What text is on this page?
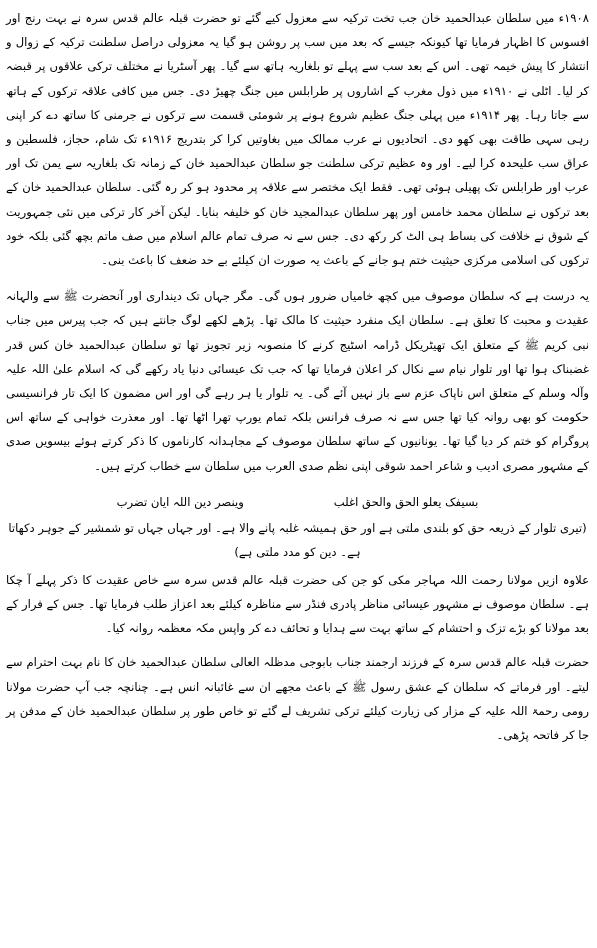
۱۹۰۸ء میں سلطان عبدالحمید خان جب تخت ترکیہ سے معزول کیے گئے تو حضرت قبلہ عالم قدس سرہ نے بہت رنج اور افسوس کا اظہار فرمایا تھا کیونکہ جیسے کہ بعد میں سب پر روشن ہو گیا یہ معزولی دراصل سلطنت ترکیہ کے زوال و انتشار کا پیش خیمہ تھی۔ اس کے بعد سب سے پہلے تو بلغاریہ ہاتھ سے گیا۔ پھر آسٹریا نے مختلف ترکی علاقوں پر قبضہ کر لیا۔ اٹلی نے ۱۹۱۰ء میں ذول مغرب کے اشاروں پر طرابلس میں جنگ چھیڑ دی۔ جس میں کافی علاقہ ترکوں کے ہاتھ سے جاتا رہا۔ پھر ۱۹۱۴ء میں پہلی جنگ عظیم شروع ہونے پر شومئی قسمت سے ترکوں نے جرمنی کا ساتھ دے کر اپنی رہی سہی طاقت بھی کھو دی۔ اتحادیوں نے عرب ممالک میں بغاوتیں کرا کر بتدریج ۱۹۱۶ء تک شام، حجاز، فلسطین و عراق سب علیحدہ کرا لیے۔ اور وہ عظیم ترکی سلطنت جو سلطان عبدالحمید خان کے زمانہ تک بلغاریہ سے یمن تک اور عرب اور طرابلس تک پھیلی ہوئی تھی۔ فقط ایک مختصر سے علاقہ پر محدود ہو کر رہ گئی۔ سلطان عبدالحمید خان کے بعد ترکوں نے سلطان محمد خامس اور پھر سلطان عبدالمجید خان کو خلیفہ بنایا۔ لیکن آخر کار ترکی میں نئی جمہوریت کے شوق نے خلافت کی بساط ہی الٹ کر رکھ دی۔ جس سے نہ صرف تمام عالم اسلام میں صف ماتم بچھ گئی بلکہ خود ترکوں کی اسلامی مرکزی حیثیت ختم ہو جانے کے باعث یہ صورت ان کیلئے بے حد ضعف کا باعث بنی۔

یہ درست ہے کہ سلطان موصوف میں کچھ خامیاں ضرور ہوں گی۔ مگر جہاں تک دینداری اور آنحضرت ﷺ سے والہانہ عقیدت و محبت کا تعلق ہے۔ سلطان ایک منفرد حیثیت کا مالک تھا۔ پڑھے لکھے لوگ جانتے ہیں کہ جب پیرس میں جناب نبی کریم ﷺ کے متعلق ایک تھیٹریکل ڈرامہ اسٹیج کرنے کا منصوبہ زیر تجویز تھا تو سلطان عبدالحمید خان کس قدر غضبناک ہوا تھا اور تلوار نیام سے نکال کر اعلان فرمایا تھا کہ جب تک عیسائی دنیا یاد رکھے گی کہ اسلام علیٰ اللہ علیہ وآلہ وسلم کے متعلق اس ناپاک عزم سے باز نہیں آئے گی۔ یہ تلوار یا ہر رہے گی اور اس مضمون کا ایک تار فرانسیسی حکومت کو بھی روانہ کیا تھا جس سے نہ صرف فرانس بلکہ تمام یورپ تھرا اٹھا تھا۔ اور معذرت خواہی کے ساتھ اس پروگرام کو ختم کر دیا گیا تھا۔ یونانیوں کے ساتھ سلطان موصوف کے مجاہدانہ کارناموں کا ذکر کرتے ہوئے بیسویں صدی کے مشہور مصری ادیب و شاعر احمد شوقی اپنی نظم صدی العرب میں سلطان سے خطاب کرتے ہیں۔

بسیفک یعلو الحق والحق اغلب
وینصر دین اللہ ایان تضرب

(تیری تلوار کے ذریعہ حق کو بلندی ملتی ہے اور حق ہمیشہ غلبہ پانے والا ہے۔ اور جہاں جہاں تو شمشیر کے جوہر دکھاتا ہے۔ دین کو مدد ملتی ہے)

علاوہ ازیں مولانا رحمت اللہ مہاجر مکی کو جن کی حضرت قبلہ عالم قدس سرہ سے خاص عقیدت کا ذکر پہلے آ چکا ہے۔ سلطان موصوف نے مشہور عیسائی مناظر پادری فنڈر سے مناظرہ کیلئے بعد اعزاز طلب فرمایا تھا۔ جس کے فرار کے بعد مولانا کو بڑے تزک و احتشام کے ساتھ بہت سے ہدایا و تحائف دے کر واپس مکہ معظمہ روانہ کیا۔

حضرت قبلہ عالم قدس سرہ کے فرزند ارجمند جناب بابوجی مدظلہ العالی سلطان عبدالحمید خان کا نام بہت احترام سے لیتے۔ اور فرماتے کہ سلطان کے عشق رسول ﷺ کے باعث مجھے ان سے غائبانہ انس ہے۔ چنانچہ جب آپ حضرت مولانا رومی رحمۃ اللہ علیہ کے مزار کی زیارت کیلئے ترکی تشریف لے گئے تو خاص طور پر سلطان عبدالحمید خان کے مدفن پر جا کر فاتحہ پڑھی۔
